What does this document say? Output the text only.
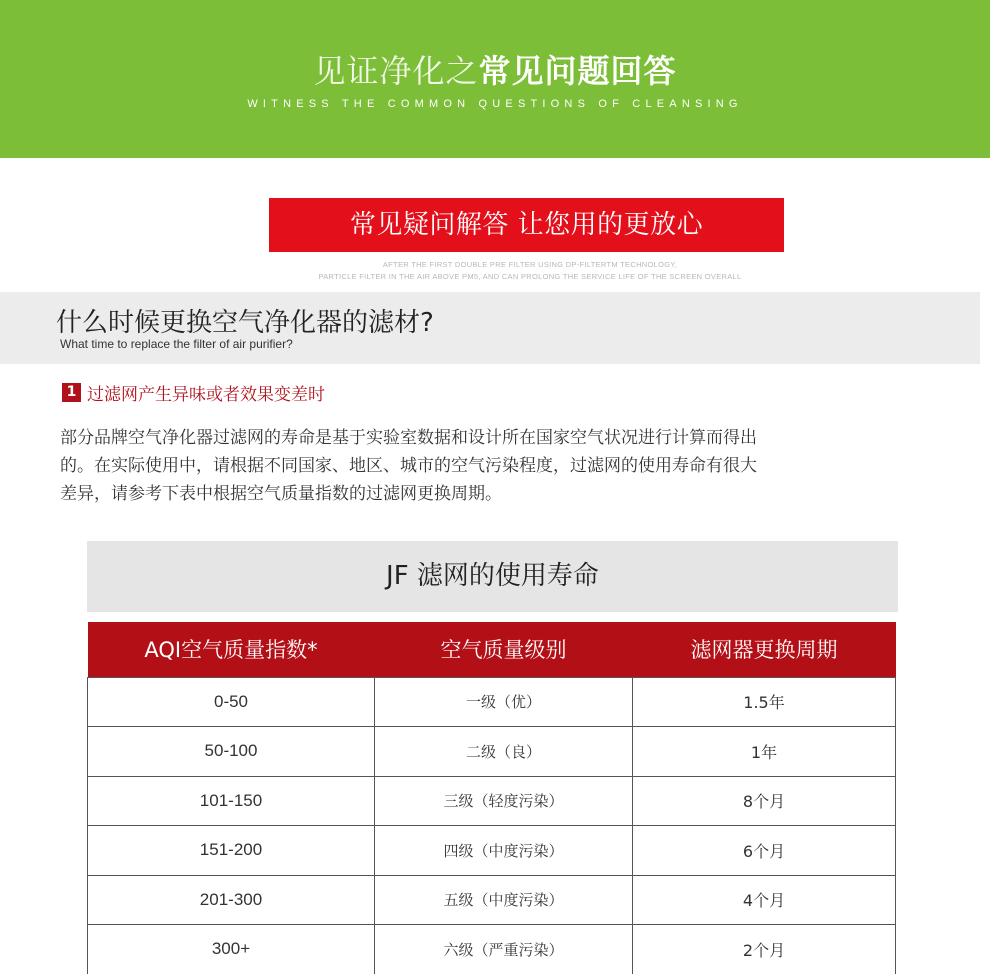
见证净化之常见问题回答
WITNESS THE COMMON QUESTIONS OF CLEANSING
常见疑问解答 让您用的更放心
AFTER THE FIRST DOUBLE PRE FILTER USING DP-FILTERTM TECHNOLOGY,
PARTICLE FILTER IN THE AIR ABOVE PM5, AND CAN PROLONG THE SERVICE LIFE OF THE SCREEN OVERALL
什么时候更换空气净化器的滤材?
What time to replace the filter of air purifier?
1 过滤网产生异味或者效果变差时
部分品牌空气净化器过滤网的寿命是基于实验室数据和设计所在国家空气状况进行计算而得出
的。在实际使用中，请根据不同国家、地区、城市的空气污染程度，过滤网的使用寿命有很大
差异，请参考下表中根据空气质量指数的过滤网更换周期。
JF 滤网的使用寿命
AQI空气质量指数*	空气质量级别	滤网器更换周期
0-50	一级（优）	1.5年
50-100	二级（良）	1年
101-150	三级（轻度污染）	8个月
151-200	四级（中度污染）	6个月
201-300	五级（中度污染）	4个月
300+	六级（严重污染）	2个月
